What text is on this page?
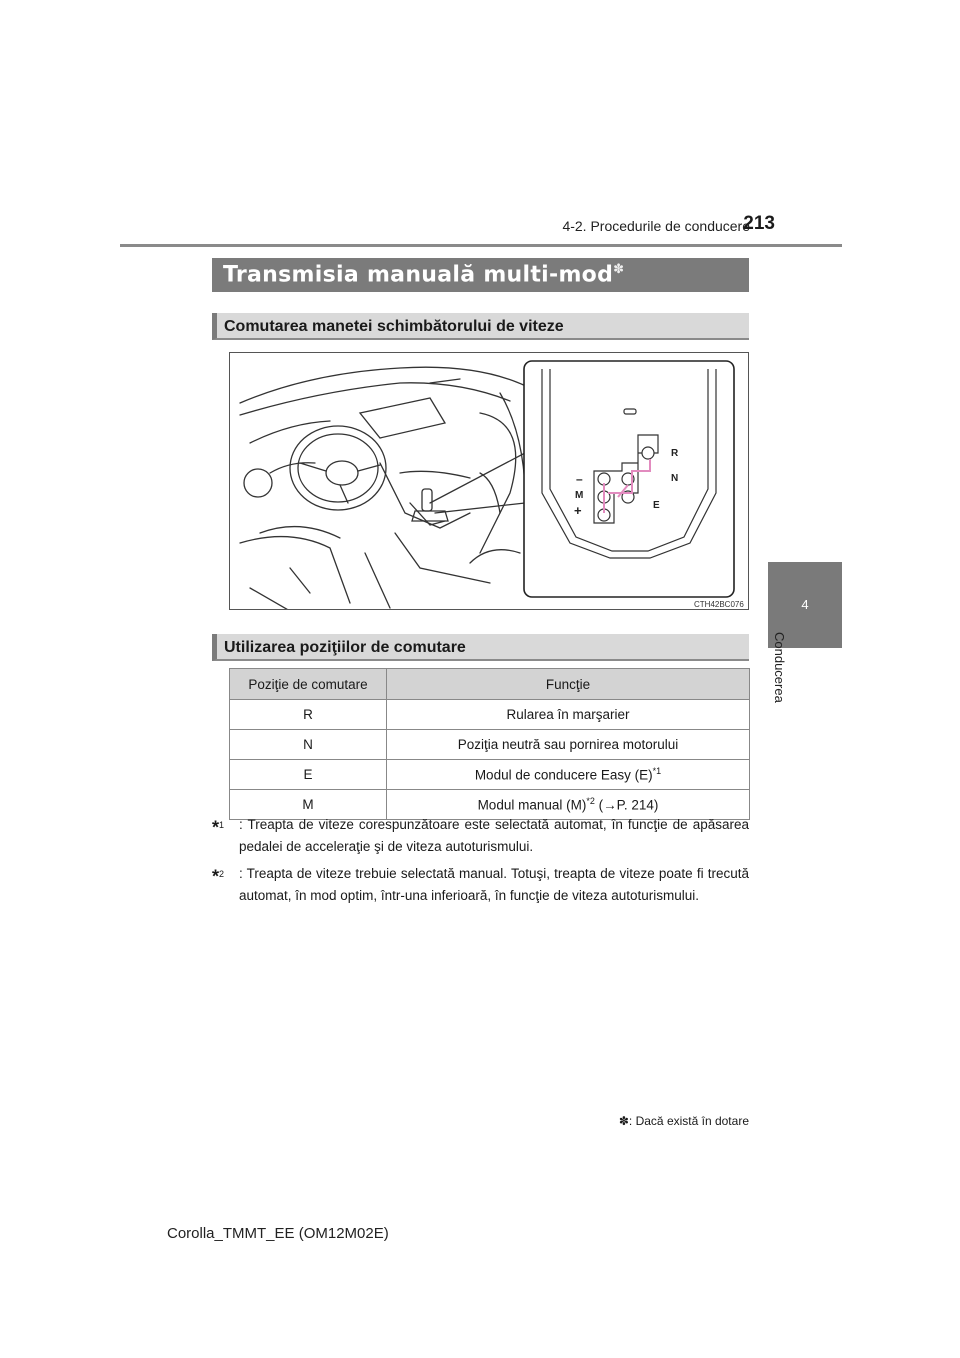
4-2. Procedurile de conducere
213
4
Conducerea
Transmisia manuală multi-mod✽
Comutarea manetei schimbătorului de viteze
R
N
E
M
–
+
CTH42BC076
Utilizarea poziţiilor de comutare
Poziţie de comutare	Funcţie
R	Rularea în marşarier
N	Poziţia neutră sau pornirea motorului
E	Modul de conducere Easy $(E)^{*1}$
M	Modul manual $(M)^{*2}$ (→P. 214)
*$^1$ : Treapta de viteze corespunzătoare este selectată automat, în funcţie de apăsarea pedalei de acceleraţie şi de viteza autoturismului.
*$^2$ : Treapta de viteze trebuie selectată manual. Totuşi, treapta de viteze poate fi trecută automat, în mod optim, într-una inferioară, în funcţie de viteza autoturismului.
✽: Dacă există în dotare
Corolla_TMMT_EE (OM12M02E)
